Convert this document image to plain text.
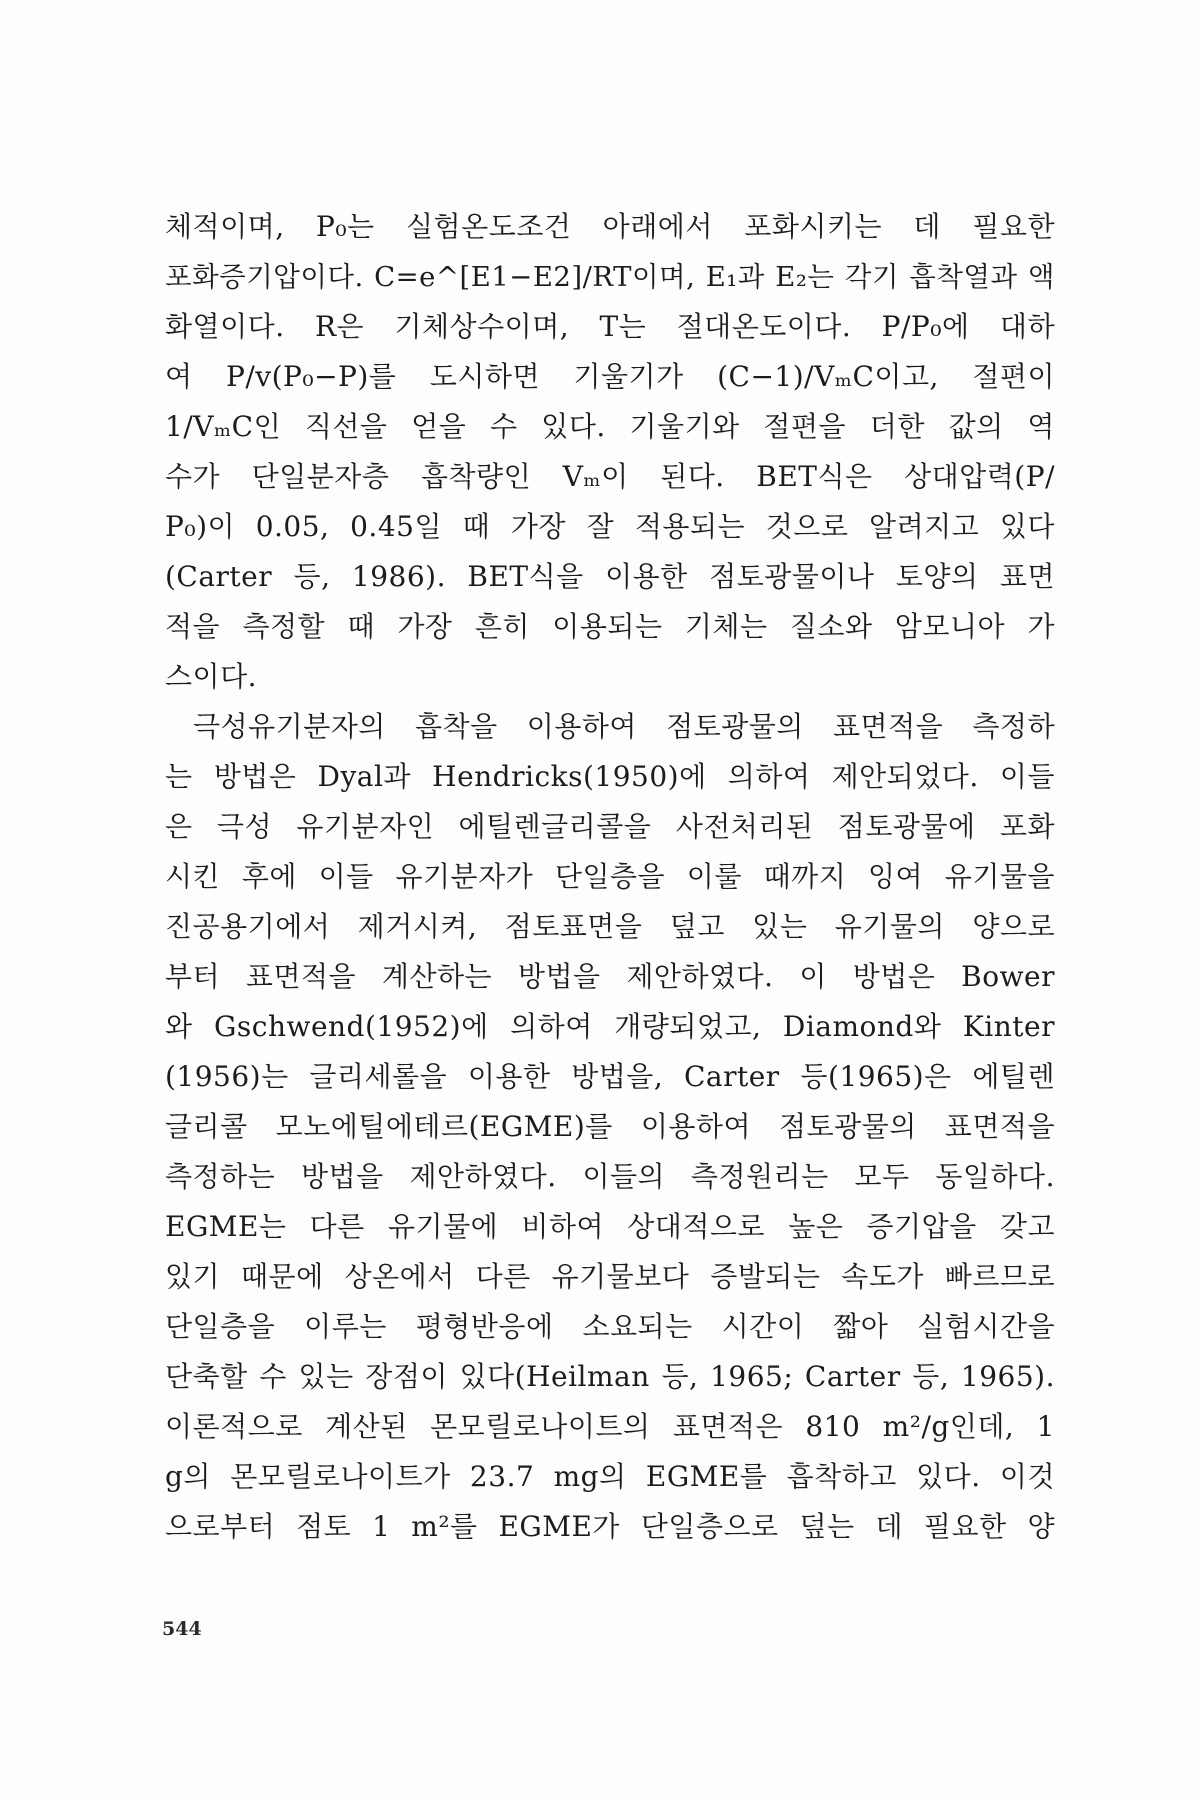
체적이며, P₀는 실험온도조건 아래에서 포화시키는 데 필요한
포화증기압이다. C=e^[E1−E2]/RT이며, E₁과 E₂는 각기 흡착열과 액
화열이다. R은 기체상수이며, T는 절대온도이다. P/P₀에 대하
여 P/v(P₀−P)를 도시하면 기울기가 (C−1)/VₘC이고, 절편이
1/VₘC인 직선을 얻을 수 있다. 기울기와 절편을 더한 값의 역
수가 단일분자층 흡착량인 Vₘ이 된다. BET식은 상대압력(P/
P₀)이 0.05, 0.45일 때 가장 잘 적용되는 것으로 알려지고 있다
(Carter 등, 1986). BET식을 이용한 점토광물이나 토양의 표면
적을 측정할 때 가장 흔히 이용되는 기체는 질소와 암모니아 가
스이다.
극성유기분자의 흡착을 이용하여 점토광물의 표면적을 측정하
는 방법은 Dyal과 Hendricks(1950)에 의하여 제안되었다. 이들
은 극성 유기분자인 에틸렌글리콜을 사전처리된 점토광물에 포화
시킨 후에 이들 유기분자가 단일층을 이룰 때까지 잉여 유기물을
진공용기에서 제거시켜, 점토표면을 덮고 있는 유기물의 양으로
부터 표면적을 계산하는 방법을 제안하였다. 이 방법은 Bower
와 Gschwend(1952)에 의하여 개량되었고, Diamond와 Kinter
(1956)는 글리세롤을 이용한 방법을, Carter 등(1965)은 에틸렌
글리콜 모노에틸에테르(EGME)를 이용하여 점토광물의 표면적을
측정하는 방법을 제안하였다. 이들의 측정원리는 모두 동일하다.
EGME는 다른 유기물에 비하여 상대적으로 높은 증기압을 갖고
있기 때문에 상온에서 다른 유기물보다 증발되는 속도가 빠르므로
단일층을 이루는 평형반응에 소요되는 시간이 짧아 실험시간을
단축할 수 있는 장점이 있다(Heilman 등, 1965; Carter 등, 1965).
이론적으로 계산된 몬모릴로나이트의 표면적은 810 m²/g인데, 1
g의 몬모릴로나이트가 23.7 mg의 EGME를 흡착하고 있다. 이것
으로부터 점토 1 m²를 EGME가 단일층으로 덮는 데 필요한 양
544
